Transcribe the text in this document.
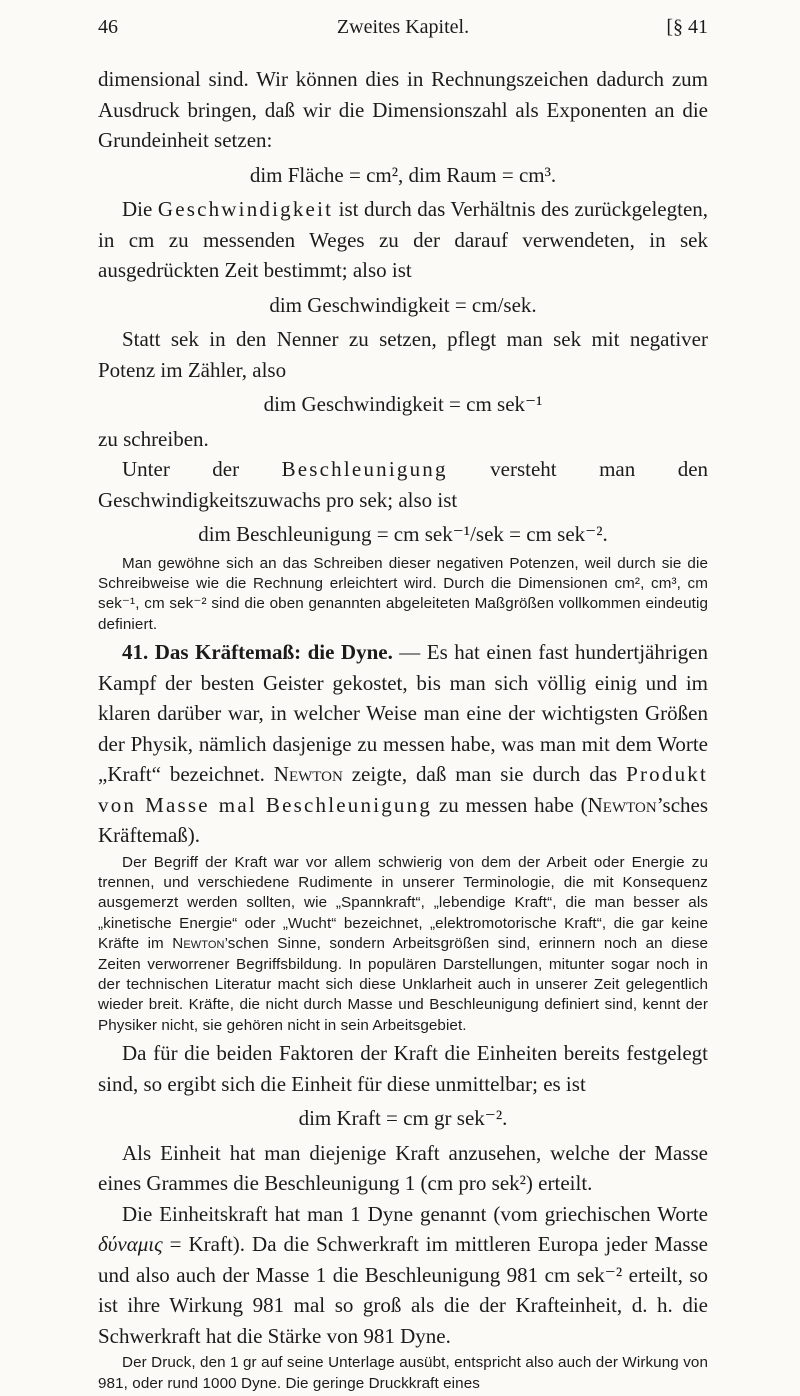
46	Zweites Kapitel.	[§ 41

dimensional sind. Wir können dies in Rechnungszeichen dadurch zum Ausdruck bringen, daß wir die Dimensionszahl als Exponenten an die Grundeinheit setzen:

dim Fläche = cm², dim Raum = cm³.

Die Geschwindigkeit ist durch das Verhältnis des zurückgelegten, in cm zu messenden Weges zu der darauf verwendeten, in sek ausgedrückten Zeit bestimmt; also ist

dim Geschwindigkeit = cm/sek.

Statt sek in den Nenner zu setzen, pflegt man sek mit negativer Potenz im Zähler, also

dim Geschwindigkeit = cm sek⁻¹

zu schreiben.

Unter der Beschleunigung versteht man den Geschwindigkeitszuwachs pro sek; also ist

dim Beschleunigung = cm sek⁻¹/sek = cm sek⁻².

Man gewöhne sich an das Schreiben dieser negativen Potenzen, weil durch sie die Schreibweise wie die Rechnung erleichtert wird. Durch die Dimensionen cm², cm³, cm sek⁻¹, cm sek⁻² sind die oben genannten abgeleiteten Maßgrößen vollkommen eindeutig definiert.

41. Das Kräftemaß: die Dyne. — Es hat einen fast hundertjährigen Kampf der besten Geister gekostet, bis man sich völlig einig und im klaren darüber war, in welcher Weise man eine der wichtigsten Größen der Physik, nämlich dasjenige zu messen habe, was man mit dem Worte „Kraft“ bezeichnet. Newton zeigte, daß man sie durch das Produkt von Masse mal Beschleunigung zu messen habe (Newton’sches Kräftemaß).

Der Begriff der Kraft war vor allem schwierig von dem der Arbeit oder Energie zu trennen, und verschiedene Rudimente in unserer Terminologie, die mit Konsequenz ausgemerzt werden sollten, wie „Spannkraft“, „lebendige Kraft“, die man besser als „kinetische Energie“ oder „Wucht“ bezeichnet, „elektromotorische Kraft“, die gar keine Kräfte im Newton’schen Sinne, sondern Arbeitsgrößen sind, erinnern noch an diese Zeiten verworrener Begriffsbildung. In populären Darstellungen, mitunter sogar noch in der technischen Literatur macht sich diese Unklarheit auch in unserer Zeit gelegentlich wieder breit. Kräfte, die nicht durch Masse und Beschleunigung definiert sind, kennt der Physiker nicht, sie gehören nicht in sein Arbeitsgebiet.

Da für die beiden Faktoren der Kraft die Einheiten bereits festgelegt sind, so ergibt sich die Einheit für diese unmittelbar; es ist

dim Kraft = cm gr sek⁻².

Als Einheit hat man diejenige Kraft anzusehen, welche der Masse eines Grammes die Beschleunigung 1 (cm pro sek²) erteilt.

Die Einheitskraft hat man 1 Dyne genannt (vom griechischen Worte δύναμις = Kraft). Da die Schwerkraft im mittleren Europa jeder Masse und also auch der Masse 1 die Beschleunigung 981 cm sek⁻² erteilt, so ist ihre Wirkung 981 mal so groß als die der Krafteinheit, d. h. die Schwerkraft hat die Stärke von 981 Dyne.

Der Druck, den 1 gr auf seine Unterlage ausübt, entspricht also auch der Wirkung von 981, oder rund 1000 Dyne. Die geringe Druckkraft eines
